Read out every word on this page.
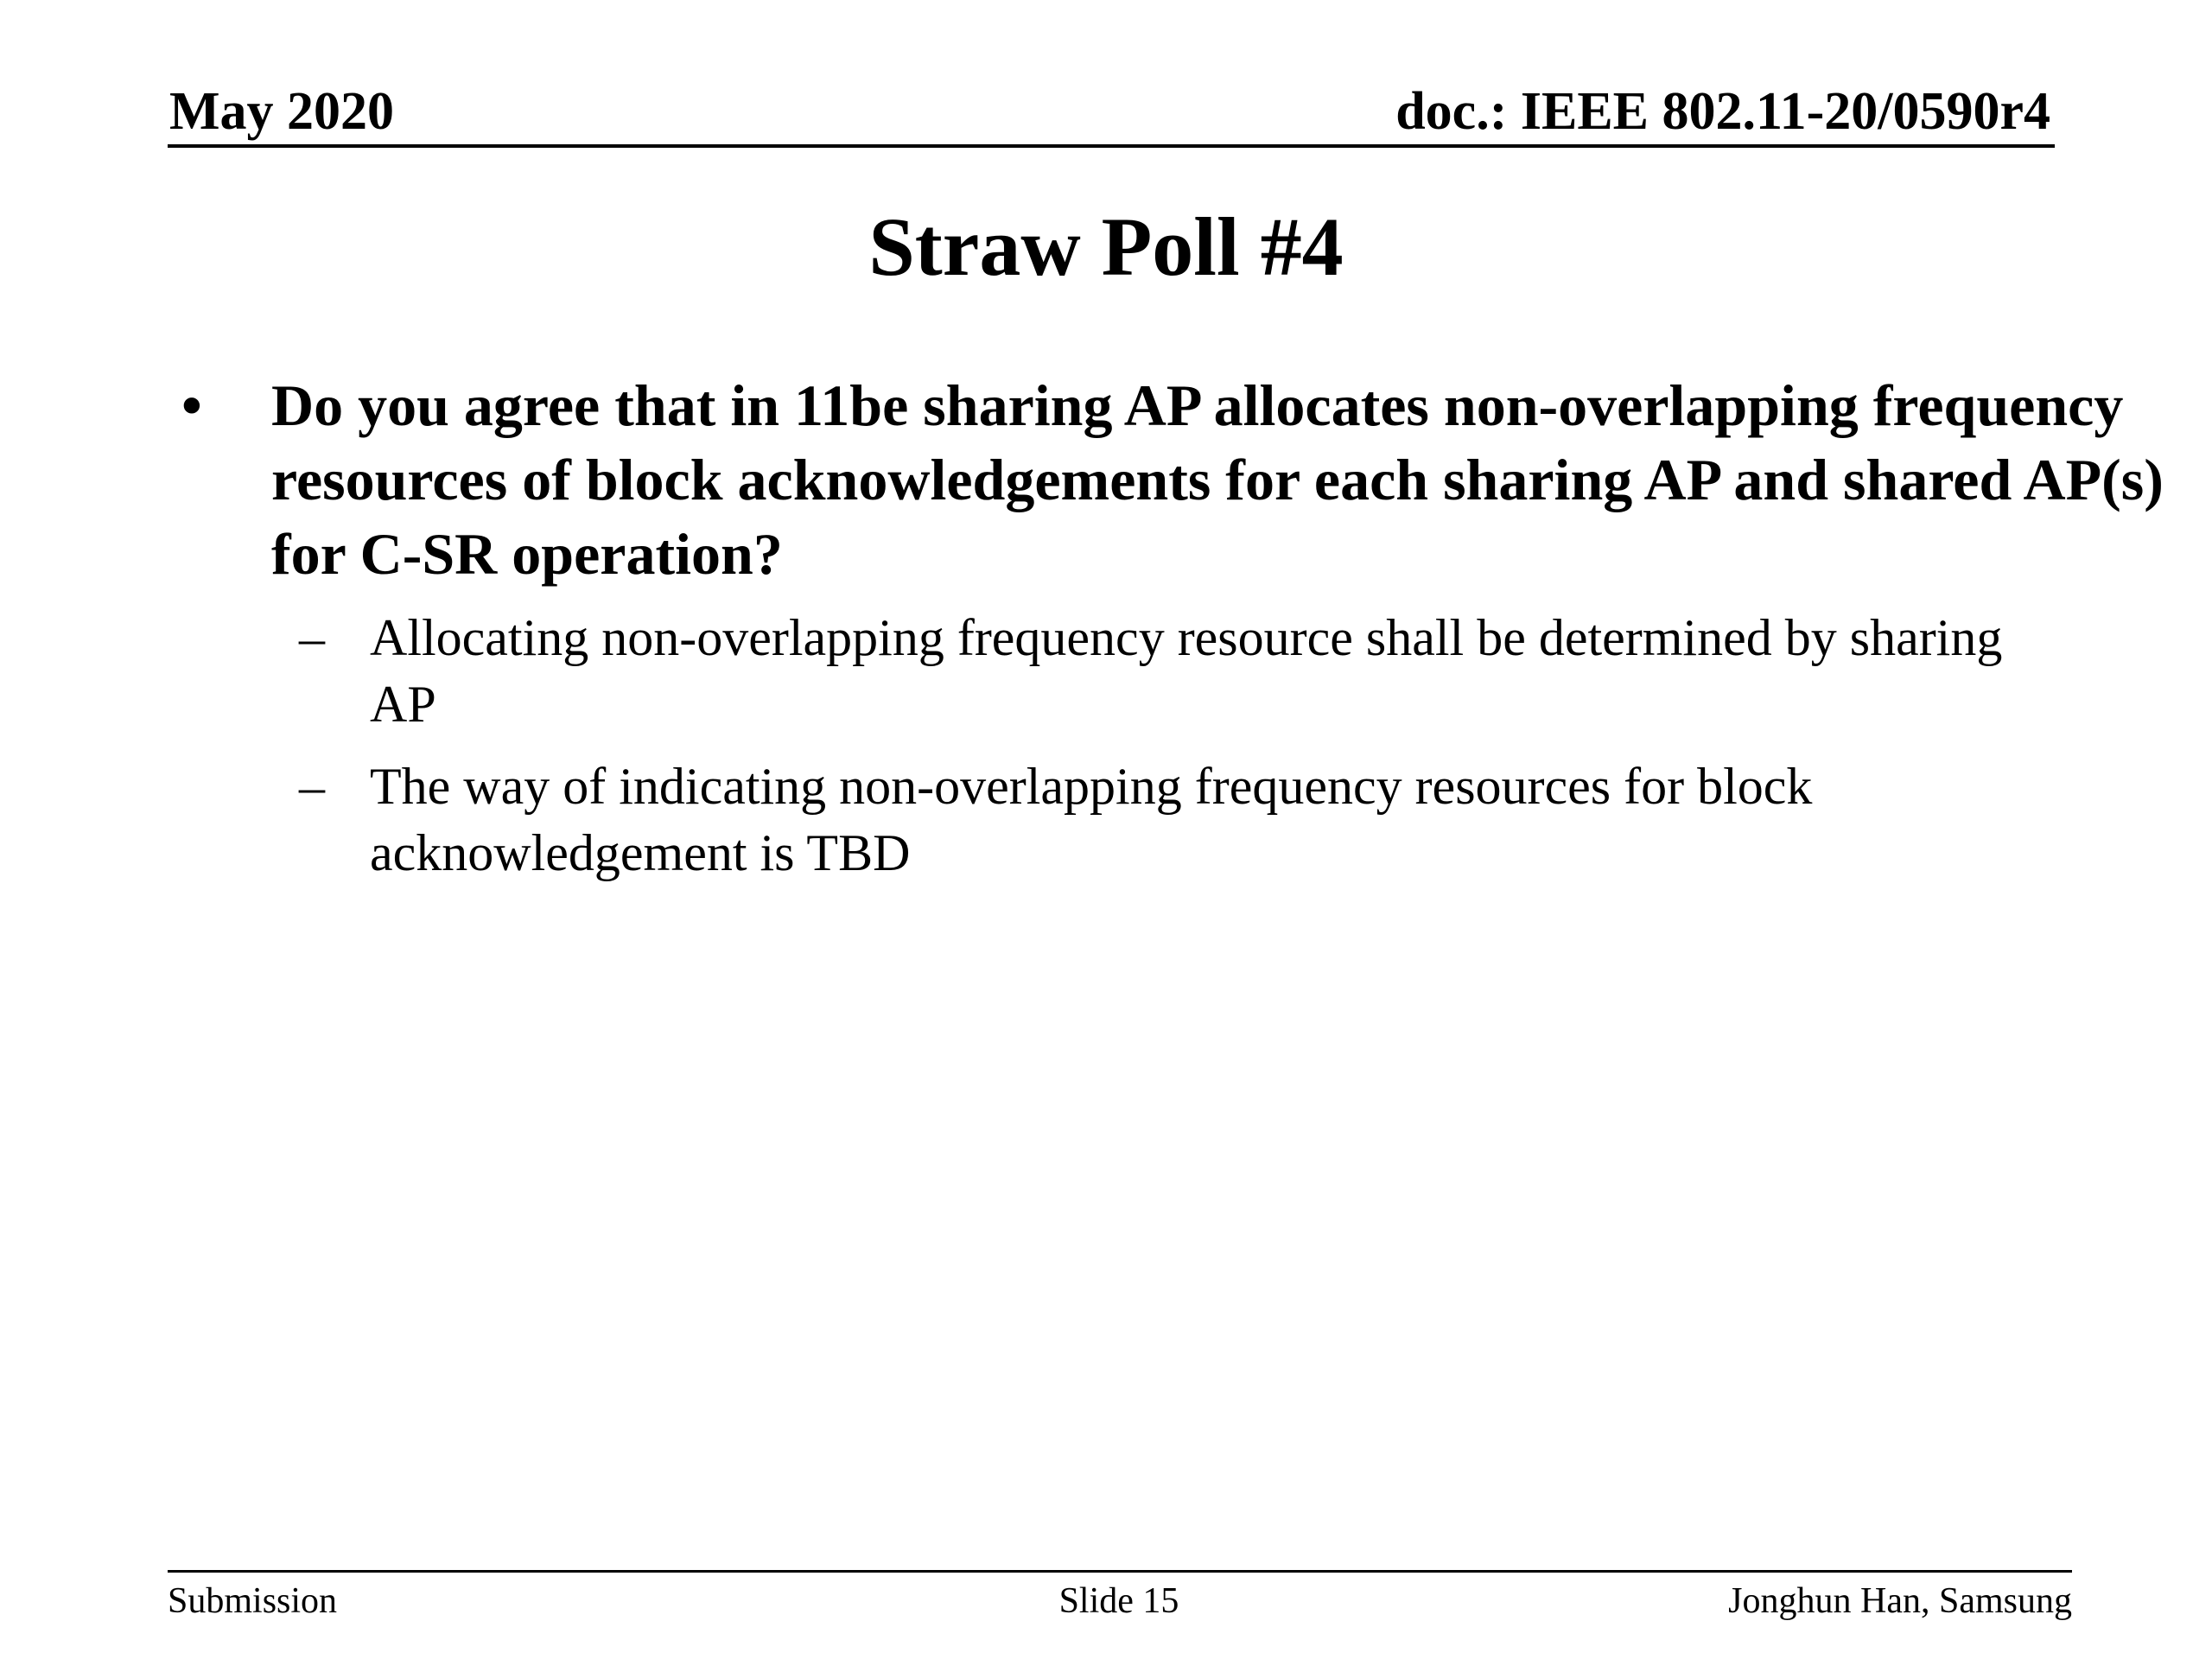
May 2020	doc.: IEEE 802.11-20/0590r4
Straw Poll #4
• Do you agree that in 11be sharing AP allocates non-overlapping frequency resources of block acknowledgements for each sharing AP and shared AP(s) for C-SR operation?
– Allocating non-overlapping frequency resource shall be determined by sharing AP
– The way of indicating non-overlapping frequency resources for block acknowledgement is TBD
Submission	Slide 15	Jonghun Han, Samsung
